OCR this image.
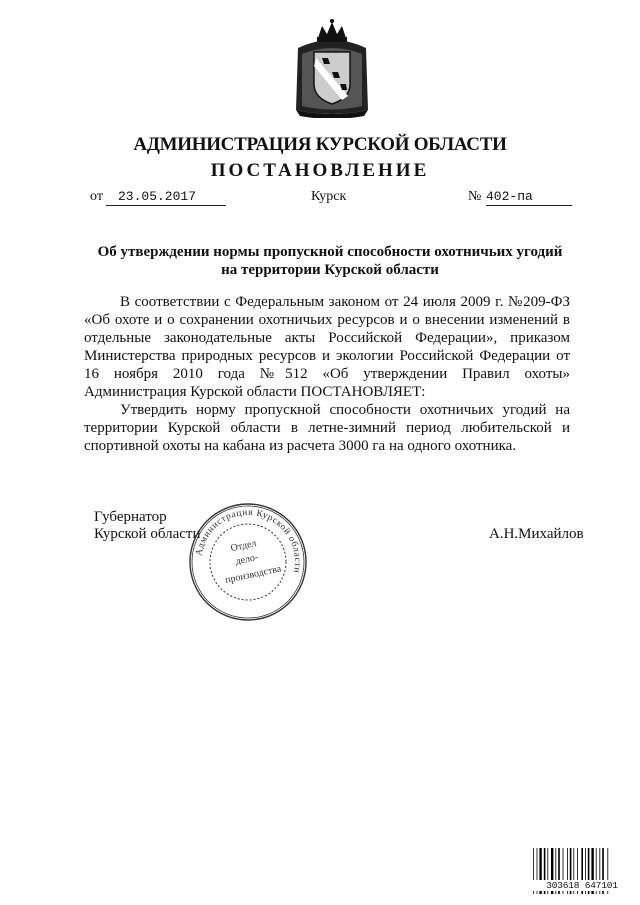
АДМИНИСТРАЦИЯ КУРСКОЙ ОБЛАСТИ
ПОСТАНОВЛЕНИЕ
от	23.05.2017	Курск	№ 402-па
Об утверждении нормы пропускной способности охотничьих угодий
на территории Курской области

В соответствии с Федеральным законом от 24 июля 2009 г. №209-ФЗ «Об охоте и о сохранении охотничьих ресурсов и о внесении изменений в отдельные законодательные акты Российской Федерации», приказом Министерства природных ресурсов и экологии Российской Федерации от 16 ноября 2010 года №512 «Об утверждении Правил охоты» Администрация Курской области ПОСТАНОВЛЯЕТ:

Утвердить норму пропускной способности охотничьих угодий на территории Курской области в летне-зимний период любительской и спортивной охоты на кабана из расчета 3000 га на одного охотника.

Губернатор
Курской области	А.Н.Михайлов
Администрация Курской области
Отдел
дело-
производства
303618 647101
